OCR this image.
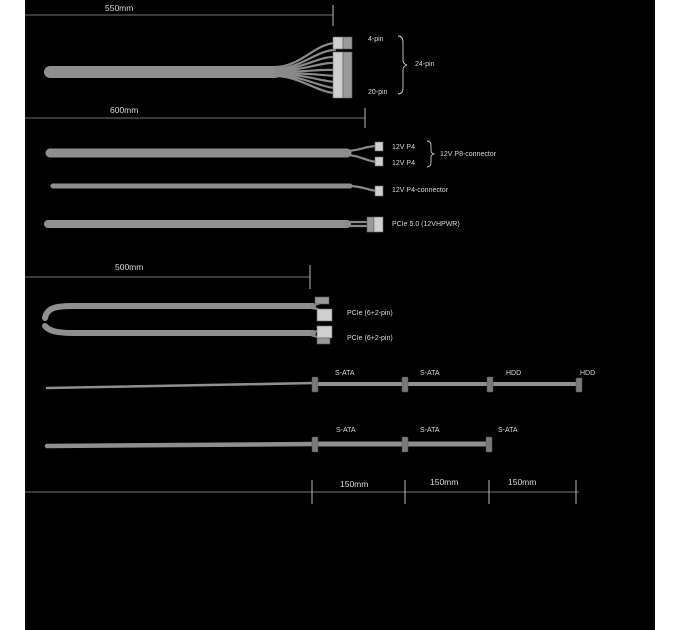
550mm
4-pin
20-pin
24-pin
600mm
12V P4
12V P4
12V P8-connector
12V P4-connector
PCIe 5.0 (12VHPWR)
500mm
PCIe (6+2-pin)
PCIe (6+2-pin)
S-ATA	S-ATA	HDD	HDD
S-ATA	S-ATA	S-ATA
150mm	150mm	150mm
